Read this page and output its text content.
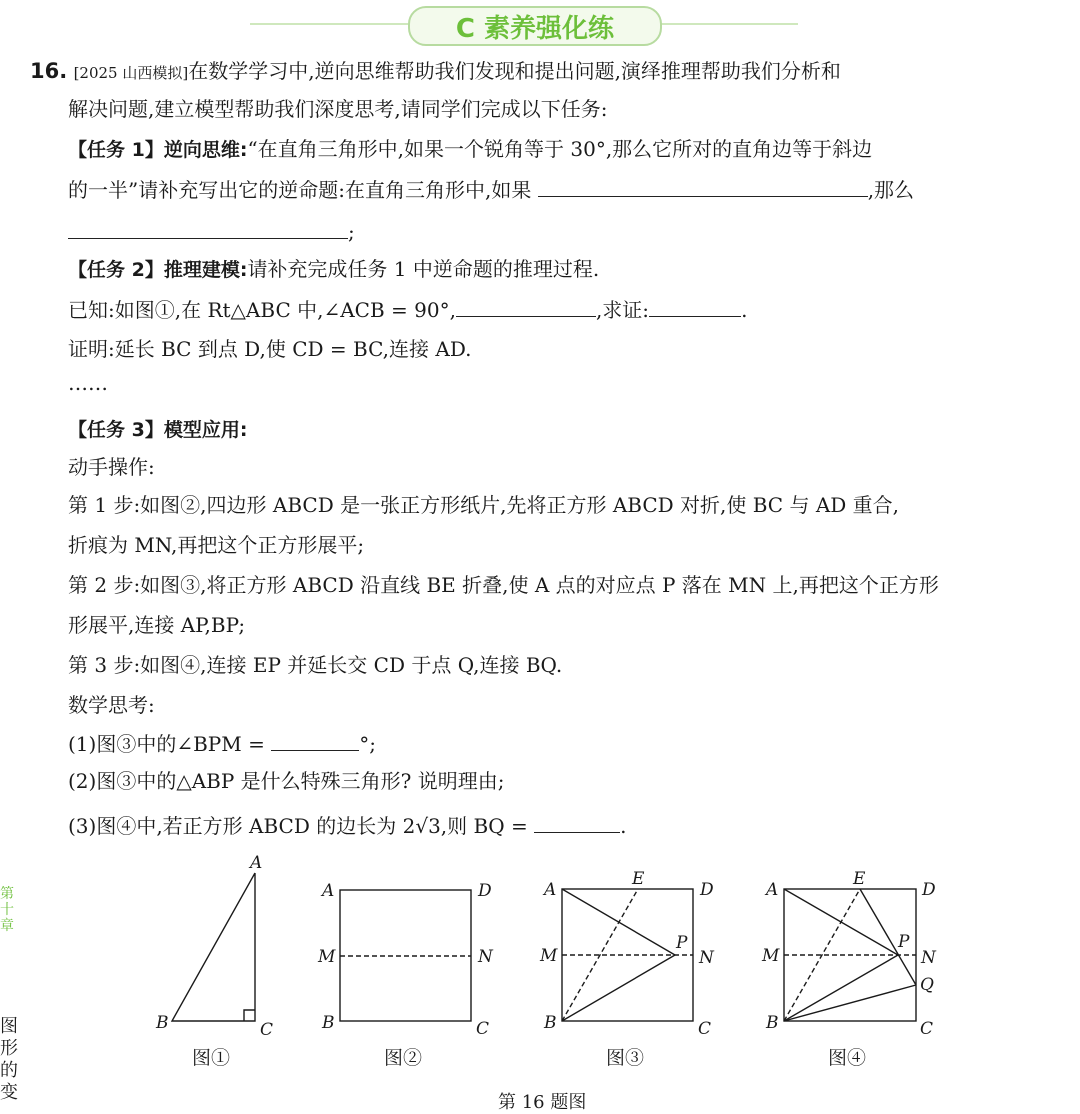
C 素养强化练
16. [2025 山西模拟]在数学学习中,逆向思维帮助我们发现和提出问题,演绎推理帮助我们分析和
解决问题,建立模型帮助我们深度思考,请同学们完成以下任务:
【任务 1】逆向思维:“在直角三角形中,如果一个锐角等于 30°,那么它所对的直角边等于斜边
的一半”请补充写出它的逆命题:在直角三角形中,如果	,那么
;
【任务 2】推理建模:请补充完成任务 1 中逆命题的推理过程.
已知:如图①,在 Rt△ABC 中,∠ACB = 90°,	,求证:	.
证明:延长 BC 到点 D,使 CD = BC,连接 AD.
……
【任务 3】模型应用:
动手操作:
第 1 步:如图②,四边形 ABCD 是一张正方形纸片,先将正方形 ABCD 对折,使 BC 与 AD 重合,
折痕为 MN,再把这个正方形展平;
第 2 步:如图③,将正方形 ABCD 沿直线 BE 折叠,使 A 点的对应点 P 落在 MN 上,再把这个正方形
形展平,连接 AP,BP;
第 3 步:如图④,连接 EP 并延长交 CD 于点 Q,连接 BQ.
数学思考:
(1)图③中的∠BPM =	°;
(2)图③中的△ABP 是什么特殊三角形? 说明理由;
(3)图④中,若正方形 ABCD 的边长为 2√3,则 BQ =	.
A
B	C
A	D
M	N
B	C
A
E
D
M
P
N
B	C
A
E
D
M
P
N
Q
B	C
图①	图②	图③	图④
第 16 题图
第十章
图
形
的
变
